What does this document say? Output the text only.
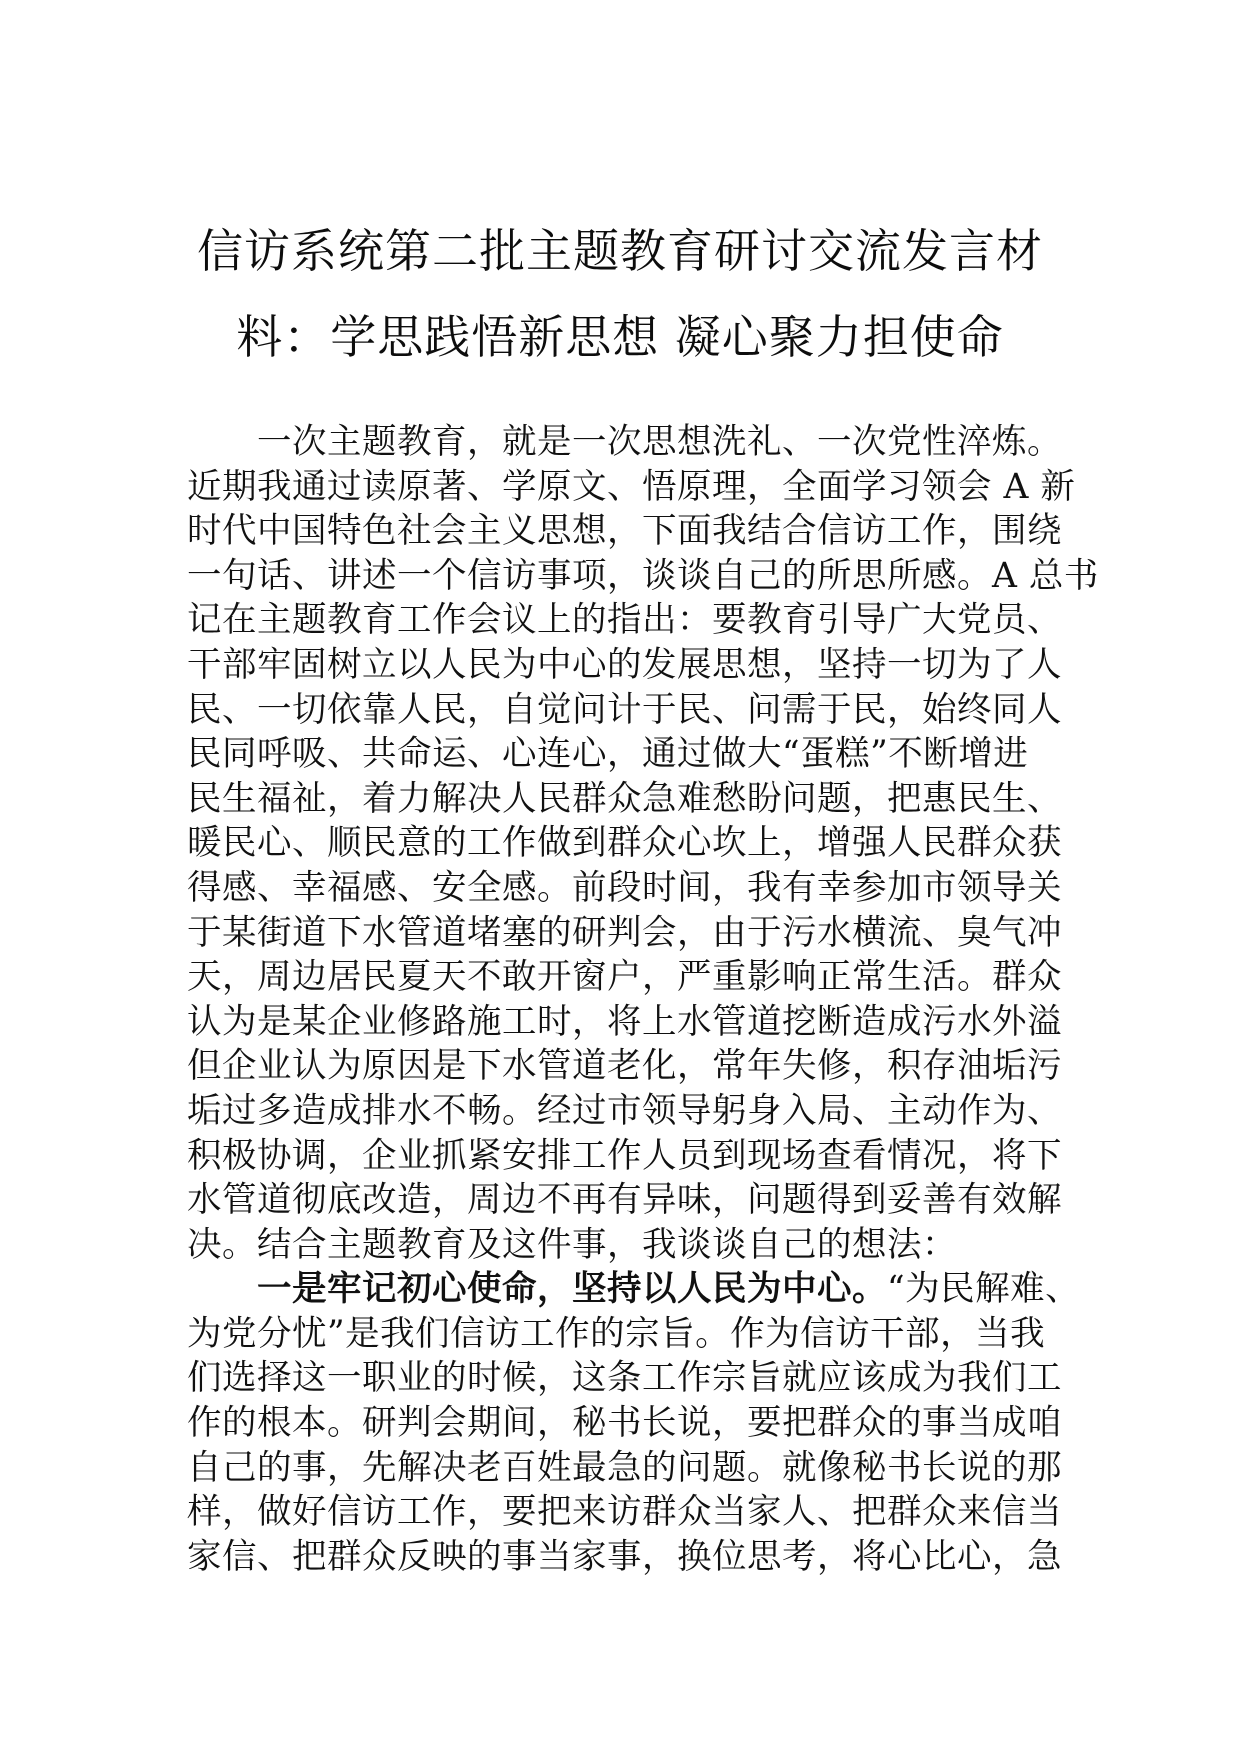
信访系统第二批主题教育研讨交流发言材
料：学思践悟新思想 凝心聚力担使命
一次主题教育，就是一次思想洗礼、一次党性淬炼。
近期我通过读原著、学原文、悟原理，全面学习领会 A 新
时代中国特色社会主义思想，下面我结合信访工作，围绕
一句话、讲述一个信访事项，谈谈自己的所思所感。A 总书
记在主题教育工作会议上的指出：要教育引导广大党员、
干部牢固树立以人民为中心的发展思想，坚持一切为了人
民、一切依靠人民，自觉问计于民、问需于民，始终同人
民同呼吸、共命运、心连心，通过做大“蛋糕”不断增进
民生福祉，着力解决人民群众急难愁盼问题，把惠民生、
暖民心、顺民意的工作做到群众心坎上，增强人民群众获
得感、幸福感、安全感。前段时间，我有幸参加市领导关
于某街道下水管道堵塞的研判会，由于污水横流、臭气冲
天，周边居民夏天不敢开窗户，严重影响正常生活。群众
认为是某企业修路施工时，将上水管道挖断造成污水外溢
但企业认为原因是下水管道老化，常年失修，积存油垢污
垢过多造成排水不畅。经过市领导躬身入局、主动作为、
积极协调，企业抓紧安排工作人员到现场查看情况，将下
水管道彻底改造，周边不再有异味，问题得到妥善有效解
决。结合主题教育及这件事，我谈谈自己的想法：
一是牢记初心使命，坚持以人民为中心。“为民解难、
为党分忧”是我们信访工作的宗旨。作为信访干部，当我
们选择这一职业的时候，这条工作宗旨就应该成为我们工
作的根本。研判会期间，秘书长说，要把群众的事当成咱
自己的事，先解决老百姓最急的问题。就像秘书长说的那
样，做好信访工作，要把来访群众当家人、把群众来信当
家信、把群众反映的事当家事，换位思考，将心比心，急
